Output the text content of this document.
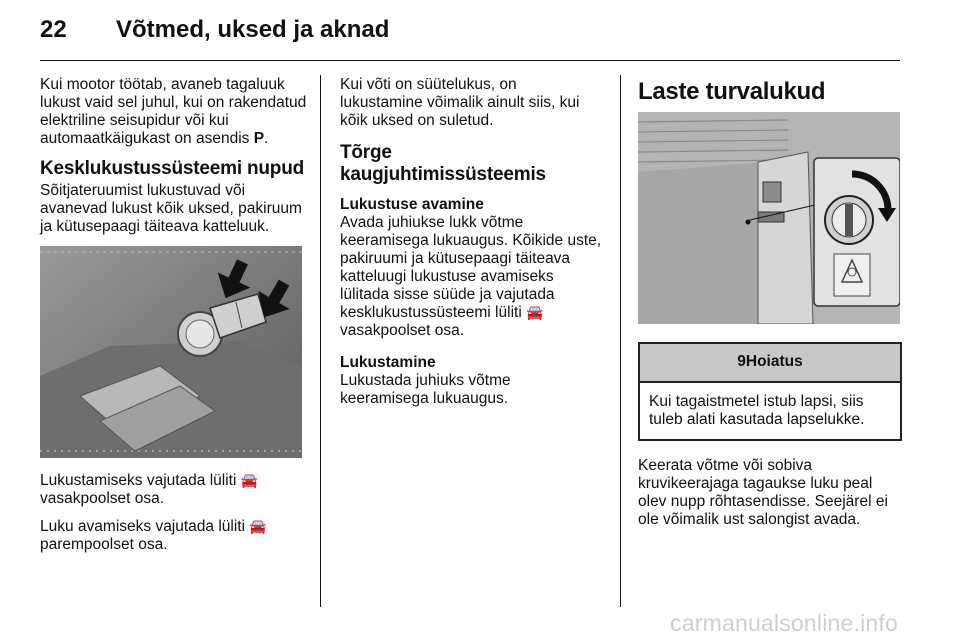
22 Võtmed, uksed ja aknad

Kui mootor töötab, avaneb tagaluuk lukust vaid sel juhul, kui on rakendatud elektriline seisupidur või kui automaatkäigukast on asendis P.

Kesklukustussüsteemi nupud

Sõitjateruumist lukustuvad või avanevad lukust kõik uksed, pakiruum ja kütusepaagi täiteava katteluuk.

Lukustamiseks vajutada lüliti 🚘
vasakpoolset osa.

Luku avamiseks vajutada lüliti 🚘
parempoolset osa.

Kui võti on süütelukus, on lukustamine võimalik ainult siis, kui kõik uksed on suletud.

Tõrge kaugjuhtimissüsteemis
Lukustuse avamine

Avada juhiukse lukk võtme keeramisega lukuaugus. Kõikide uste, pakiruumi ja kütusepaagi täiteava katteluugi lukustuse avamiseks lülitada sisse süüde ja vajutada kesklukustussüsteemi lüliti 🚘 vasakpoolset osa.

Lukustamine

Lukustada juhiuks võtme keeramisega lukuaugus.

Laste turvalukud
9Hoiatus
Kui tagaistmetel istub lapsi, siis tuleb alati kasutada lapselukke.

Keerata võtme või sobiva kruvikeerajaga tagaukse luku peal olev nupp rõhtasendisse. Seejärel ei ole võimalik ust salongist avada.

carmanualsonline.info
